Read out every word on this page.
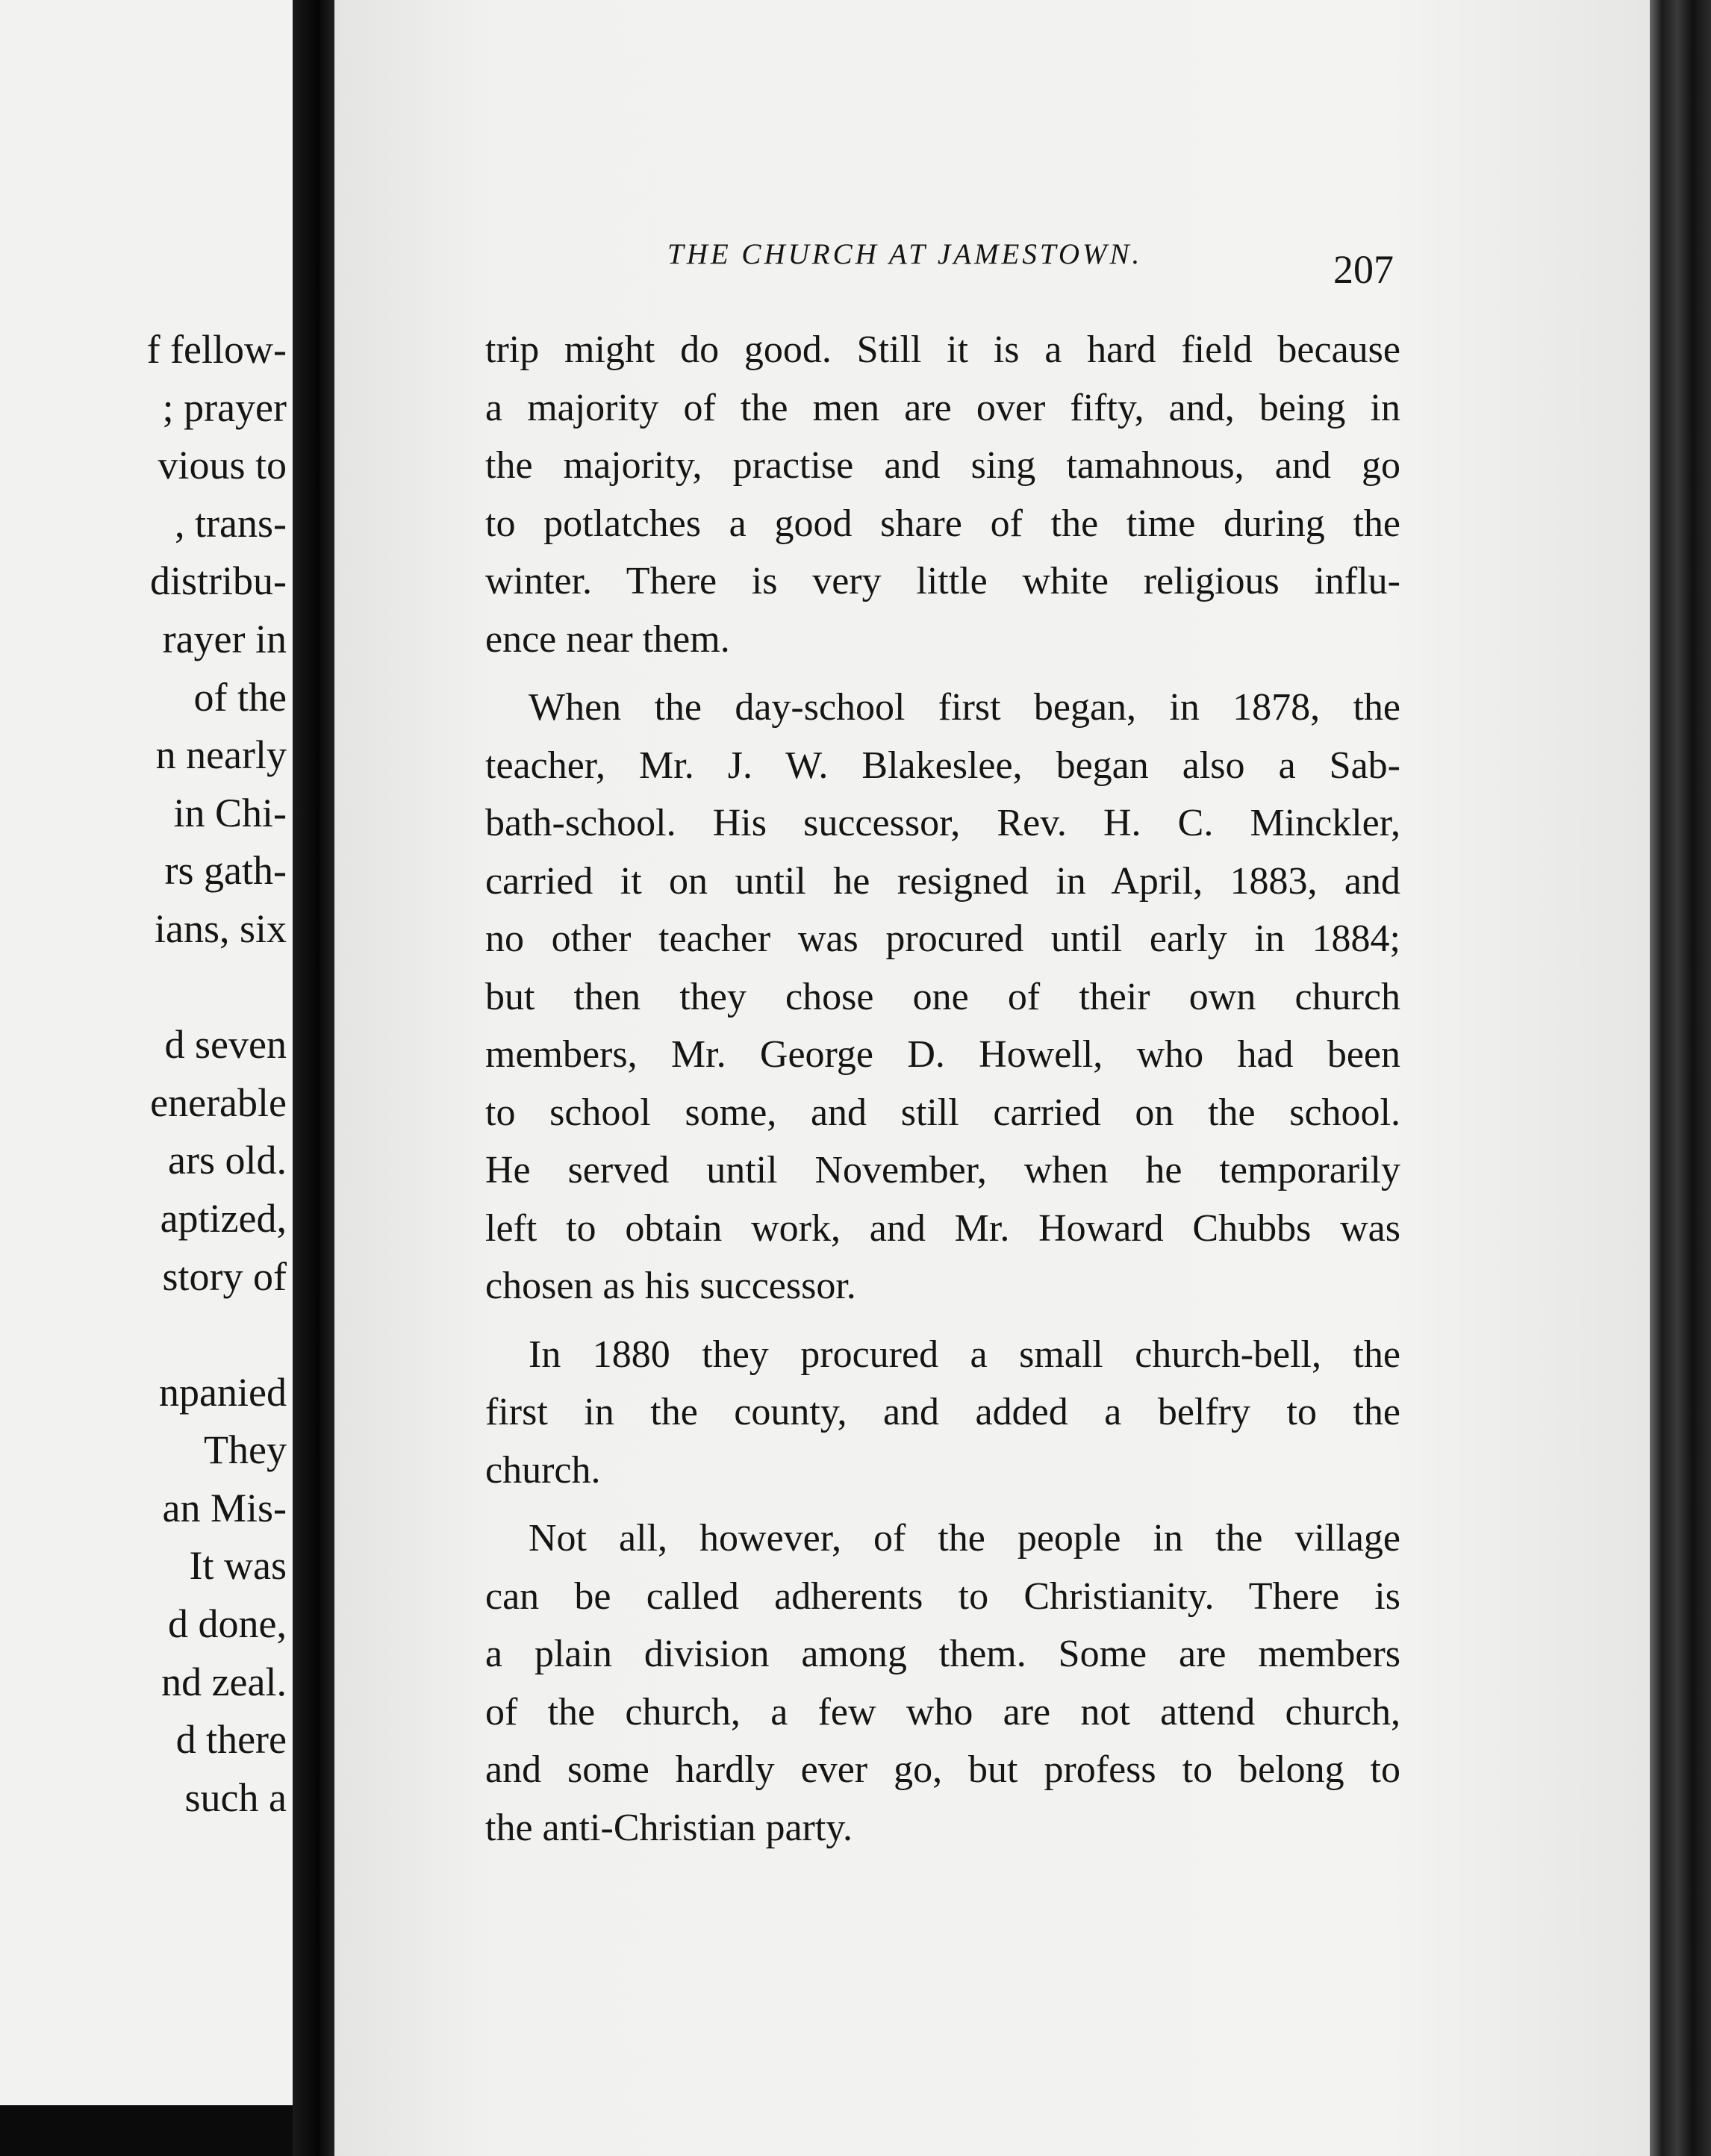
f fellow-
; prayer
vious to
, trans-
distribu-
rayer in
of the
n nearly
in Chi-
rs gath-
ians, six
d seven
enerable
ars old.
aptized,
story of
npanied
They
an Mis-
It was
d done,
nd zeal.
d there
such a
THE CHURCH AT JAMESTOWN.	207
trip might do good. Still it is a hard field because
a majority of the men are over fifty, and, being in
the majority, practise and sing tamahnous, and go
to potlatches a good share of the time during the
winter. There is very little white religious influ-
ence near them.
When the day-school first began, in 1878, the
teacher, Mr. J. W. Blakeslee, began also a Sab-
bath-school. His successor, Rev. H. C. Minckler,
carried it on until he resigned in April, 1883, and
no other teacher was procured until early in 1884;
but then they chose one of their own church
members, Mr. George D. Howell, who had been
to school some, and still carried on the school.
He served until November, when he temporarily
left to obtain work, and Mr. Howard Chubbs was
chosen as his successor.
In 1880 they procured a small church-bell, the
first in the county, and added a belfry to the
church.
Not all, however, of the people in the village
can be called adherents to Christianity. There is
a plain division among them. Some are members
of the church, a few who are not attend church,
and some hardly ever go, but profess to belong to
the anti-Christian party.
